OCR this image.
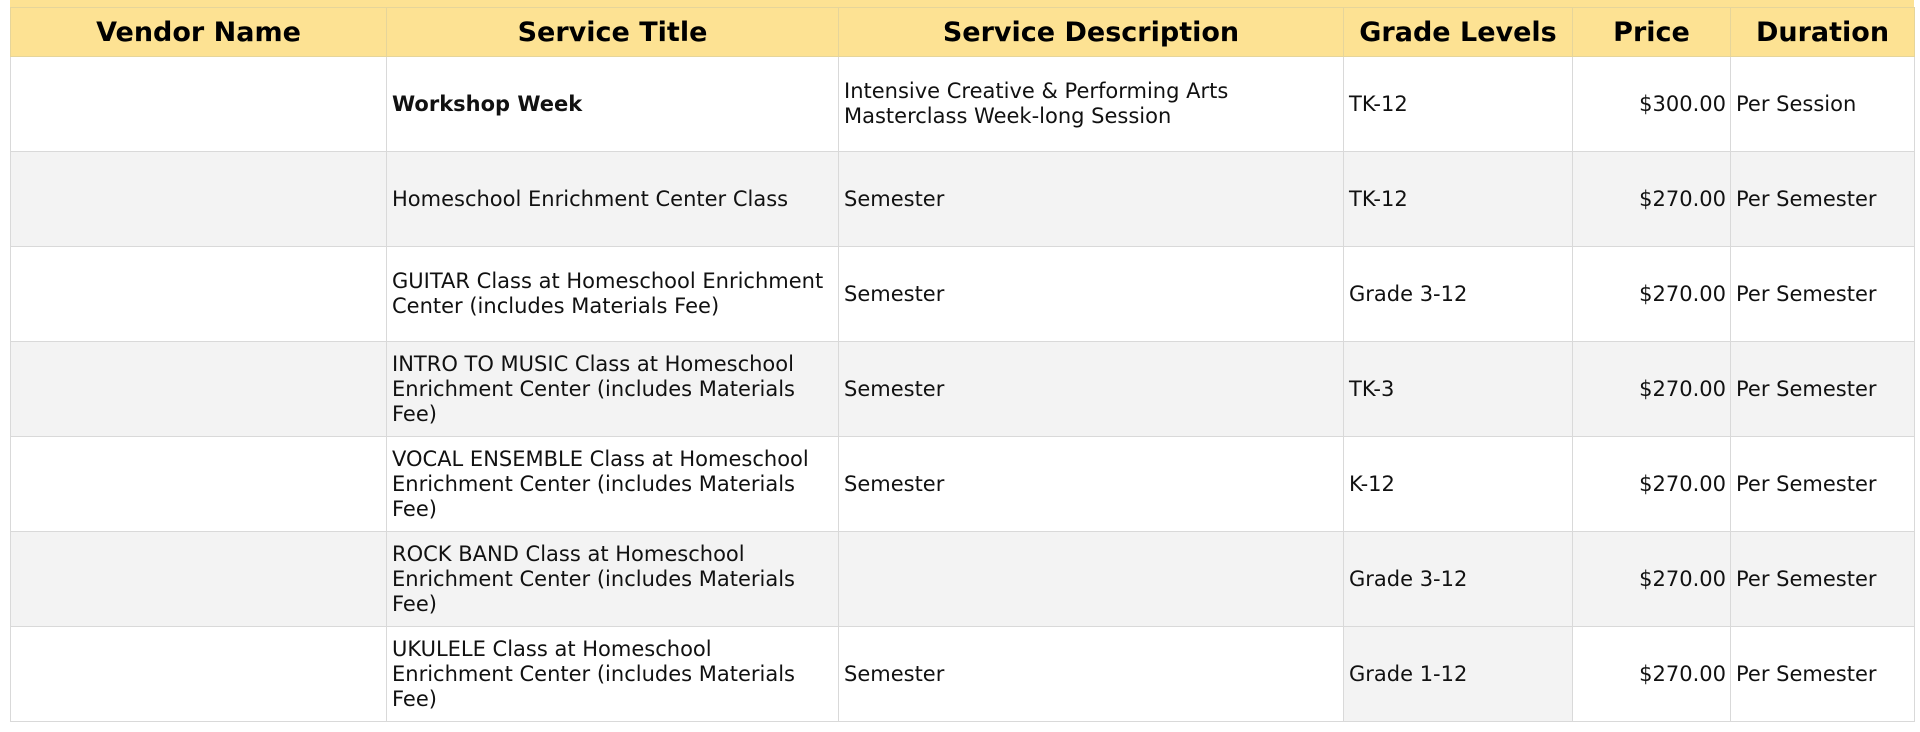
Vendor Name	Service Title	Service Description	Grade Levels	Price	Duration
	Workshop Week	Intensive Creative & Performing Arts Masterclass Week-long Session	TK-12	$300.00	Per Session
	Homeschool Enrichment Center Class	Semester	TK-12	$270.00	Per Semester
	GUITAR Class at Homeschool Enrichment Center (includes Materials Fee)	Semester	Grade 3-12	$270.00	Per Semester
	INTRO TO MUSIC Class at Homeschool Enrichment Center (includes Materials Fee)	Semester	TK-3	$270.00	Per Semester
	VOCAL ENSEMBLE Class at Homeschool Enrichment Center (includes Materials Fee)	Semester	K-12	$270.00	Per Semester
	ROCK BAND Class at Homeschool Enrichment Center (includes Materials Fee)		Grade 3-12	$270.00	Per Semester
	UKULELE Class at Homeschool Enrichment Center (includes Materials Fee)	Semester	Grade 1-12	$270.00	Per Semester
